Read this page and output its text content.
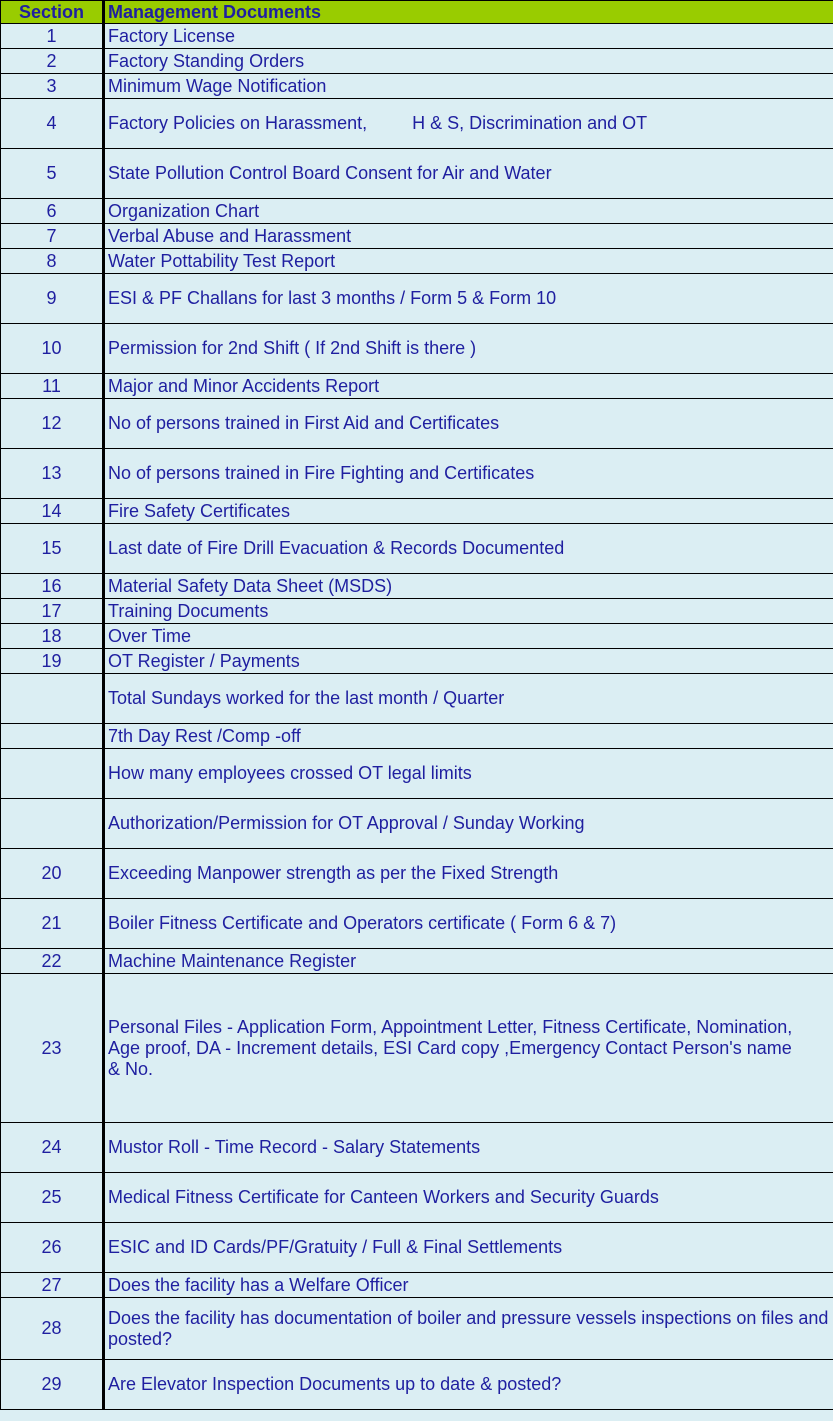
Section	Management Documents
1	Factory License
2	Factory Standing Orders
3	Minimum Wage Notification
4	Factory Policies on Harassment,         H & S, Discrimination and OT
5	State Pollution Control Board Consent for Air and Water
6	Organization Chart
7	Verbal Abuse and Harassment
8	Water Pottability Test Report
9	ESI & PF Challans for last 3 months / Form 5 & Form 10
10	Permission for 2nd Shift ( If 2nd Shift is there )
11	Major and Minor Accidents Report
12	No of persons trained in First Aid and Certificates
13	No of persons trained in Fire Fighting and Certificates
14	Fire Safety Certificates
15	Last date of Fire Drill Evacuation & Records Documented
16	Material Safety Data Sheet (MSDS)
17	Training Documents
18	Over Time
19	OT Register / Payments
	Total Sundays worked for the last month / Quarter
	7th Day Rest /Comp -off
	How many employees crossed OT legal limits
	Authorization/Permission for OT Approval / Sunday Working
20	Exceeding Manpower strength as per the Fixed Strength
21	Boiler Fitness Certificate and Operators certificate ( Form 6 & 7)
22	Machine Maintenance Register
23	Personal Files - Application Form, Appointment Letter, Fitness Certificate, Nomination, Age proof, DA - Increment details, ESI Card copy ,Emergency Contact Person's name & No.
24	Mustor Roll - Time Record - Salary Statements
25	Medical Fitness Certificate for Canteen Workers and Security Guards
26	ESIC and ID Cards/PF/Gratuity / Full & Final Settlements
27	Does the facility has a Welfare Officer
28	Does the facility has documentation of boiler and pressure vessels inspections on files and posted?
29	Are Elevator Inspection Documents up to date & posted?
